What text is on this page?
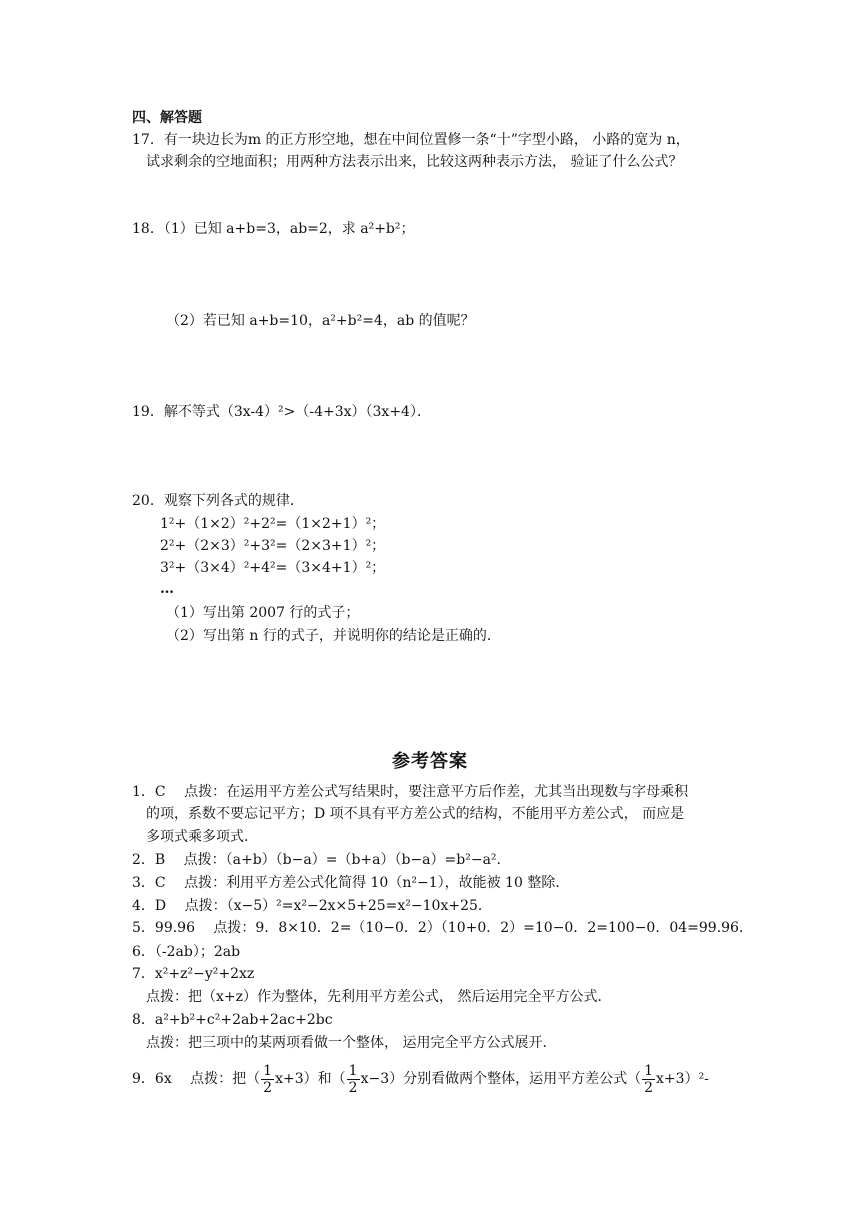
四、解答题
17．有一块边长为m 的正方形空地，想在中间位置修一条“十”字型小路， 小路的宽为 n，
试求剩余的空地面积；用两种方法表示出来，比较这两种表示方法， 验证了什么公式？
18．（1）已知 a+b=3，ab=2，求 a²+b²；
（2）若已知 a+b=10，a²+b²=4，ab 的值呢？
19．解不等式（3x-4）²>（-4+3x）（3x+4）．
20．观察下列各式的规律．
1²+（1×2）²+2²=（1×2+1）²；
2²+（2×3）²+3²=（2×3+1）²；
3²+（3×4）²+4²=（3×4+1）²；
…
（1）写出第 2007 行的式子；
（2）写出第 n 行的式子，并说明你的结论是正确的．
参考答案
1．C　 点拨：在运用平方差公式写结果时，要注意平方后作差，尤其当出现数与字母乘积
的项，系数不要忘记平方；D 项不具有平方差公式的结构，不能用平方差公式， 而应是
多项式乘多项式．
2．B　 点拨：（a+b）（b−a）=（b+a）（b−a）=b²−a².
3．C　 点拨：利用平方差公式化简得 10（n²−1），故能被 10 整除．
4．D　 点拨：（x−5）²=x²−2x×5+25=x²−10x+25．
5．99.96　 点拨：9．8×10．2=（10−0．2）（10+0．2）=10−0．2=100−0．04=99.96．
6．（-2ab）；2ab
7．x²+z²−y²+2xz
点拨：把（x+z）作为整体，先利用平方差公式， 然后运用完全平方公式．
8．a²+b²+c²+2ab+2ac+2bc
点拨：把三项中的某两项看做一个整体， 运用完全平方公式展开．
9．6x　 点拨：把（ $\frac{1}{2} x+3$）和（ $\frac{1}{2} x-3$）分别看做两个整体，运用平方差公式（ $\frac{1}{2} x+3)^2-$
